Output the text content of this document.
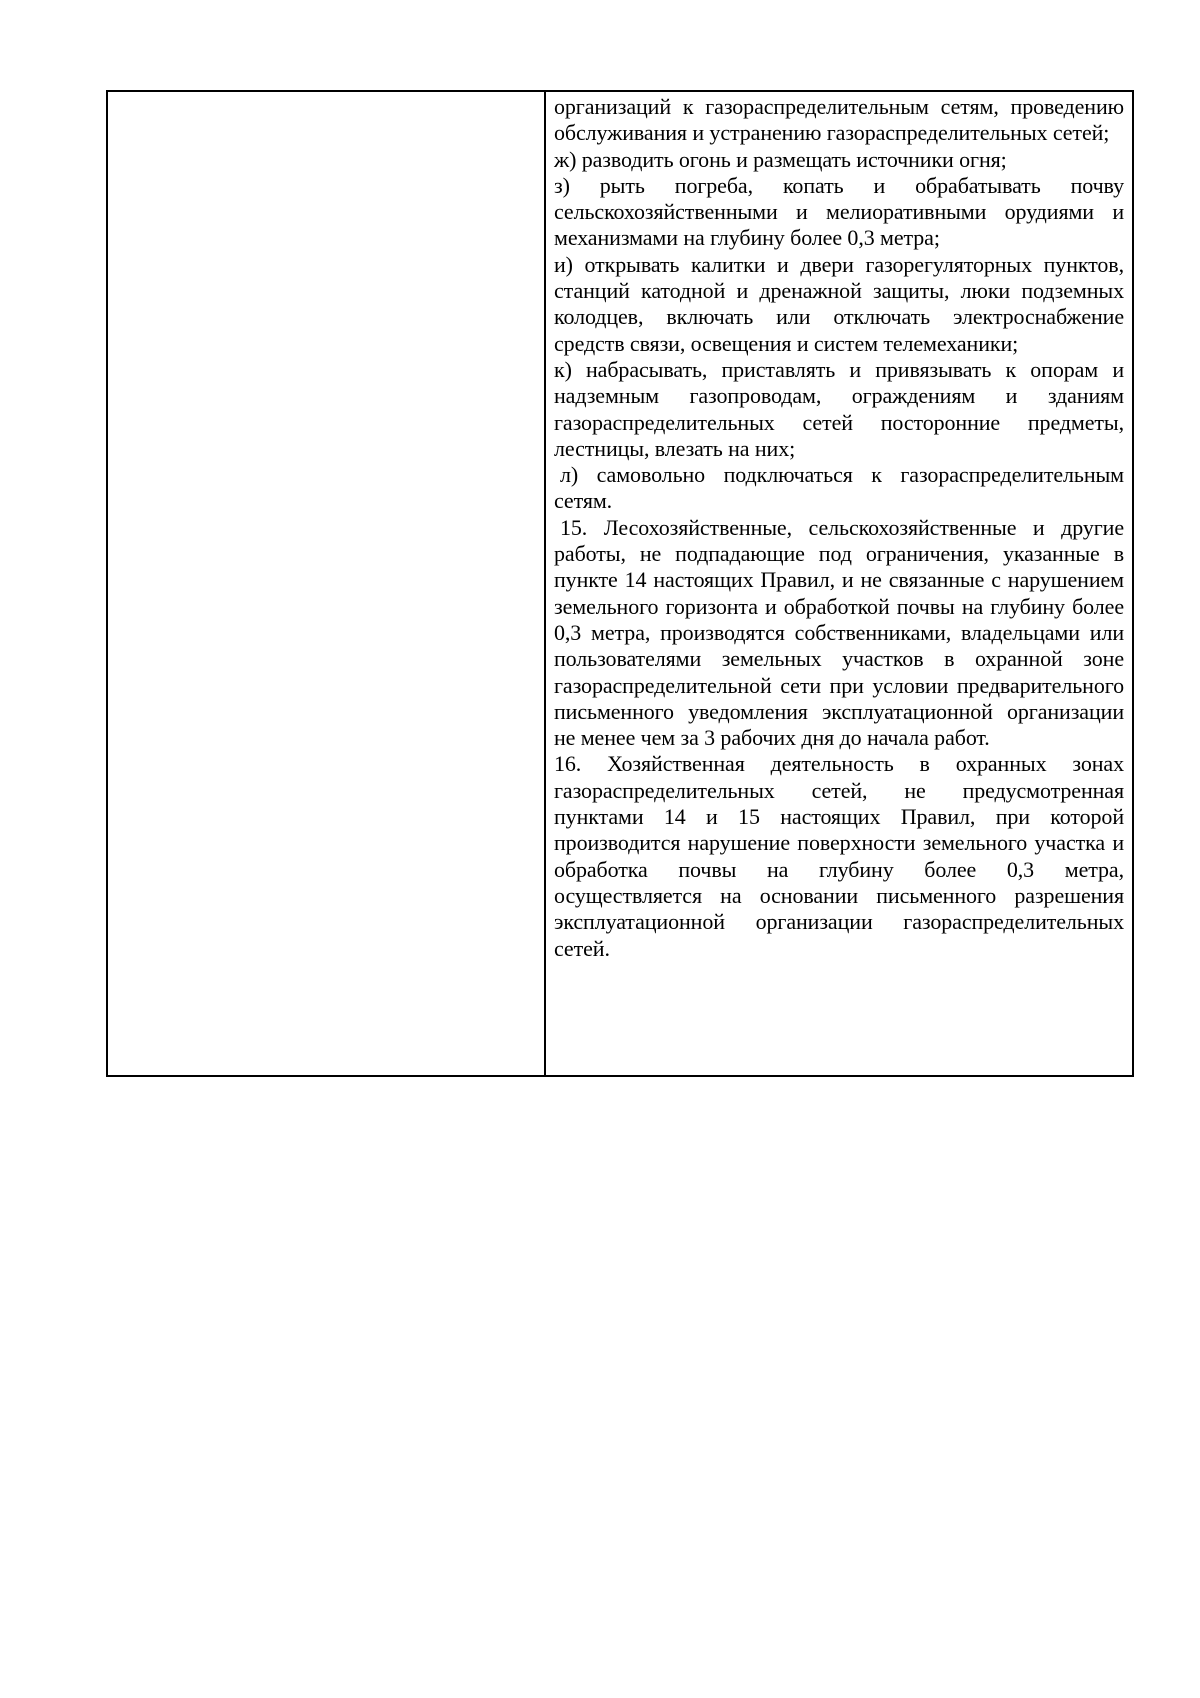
организаций к газораспределительным сетям, проведению обслуживания и устранению газораспределительных сетей;

ж) разводить огонь и размещать источники огня;

з) рыть погреба, копать и обрабатывать почву сельскохозяйственными и мелиоративными орудиями и механизмами на глубину более 0,3 метра;

и) открывать калитки и двери газорегуляторных пунктов, станций катодной и дренажной защиты, люки подземных колодцев, включать или отключать электроснабжение средств связи, освещения и систем телемеханики;

к) набрасывать, приставлять и привязывать к опорам и надземным газопроводам, ограждениям и зданиям газораспределительных сетей посторонние предметы, лестницы, влезать на них;

л) самовольно подключаться к газораспределительным сетям.

15. Лесохозяйственные, сельскохозяйственные и другие работы, не подпадающие под ограничения, указанные в пункте 14 настоящих Правил, и не связанные с нарушением земельного горизонта и обработкой почвы на глубину более 0,3 метра, производятся собственниками, владельцами или пользователями земельных участков в охранной зоне газораспределительной сети при условии предварительного письменного уведомления эксплуатационной организации не менее чем за 3 рабочих дня до начала работ.

16. Хозяйственная деятельность в охранных зонах газораспределительных сетей, не предусмотренная пунктами 14 и 15 настоящих Правил, при которой производится нарушение поверхности земельного участка и обработка почвы на глубину более 0,3 метра, осуществляется на основании письменного разрешения эксплуатационной организации газораспределительных сетей.
